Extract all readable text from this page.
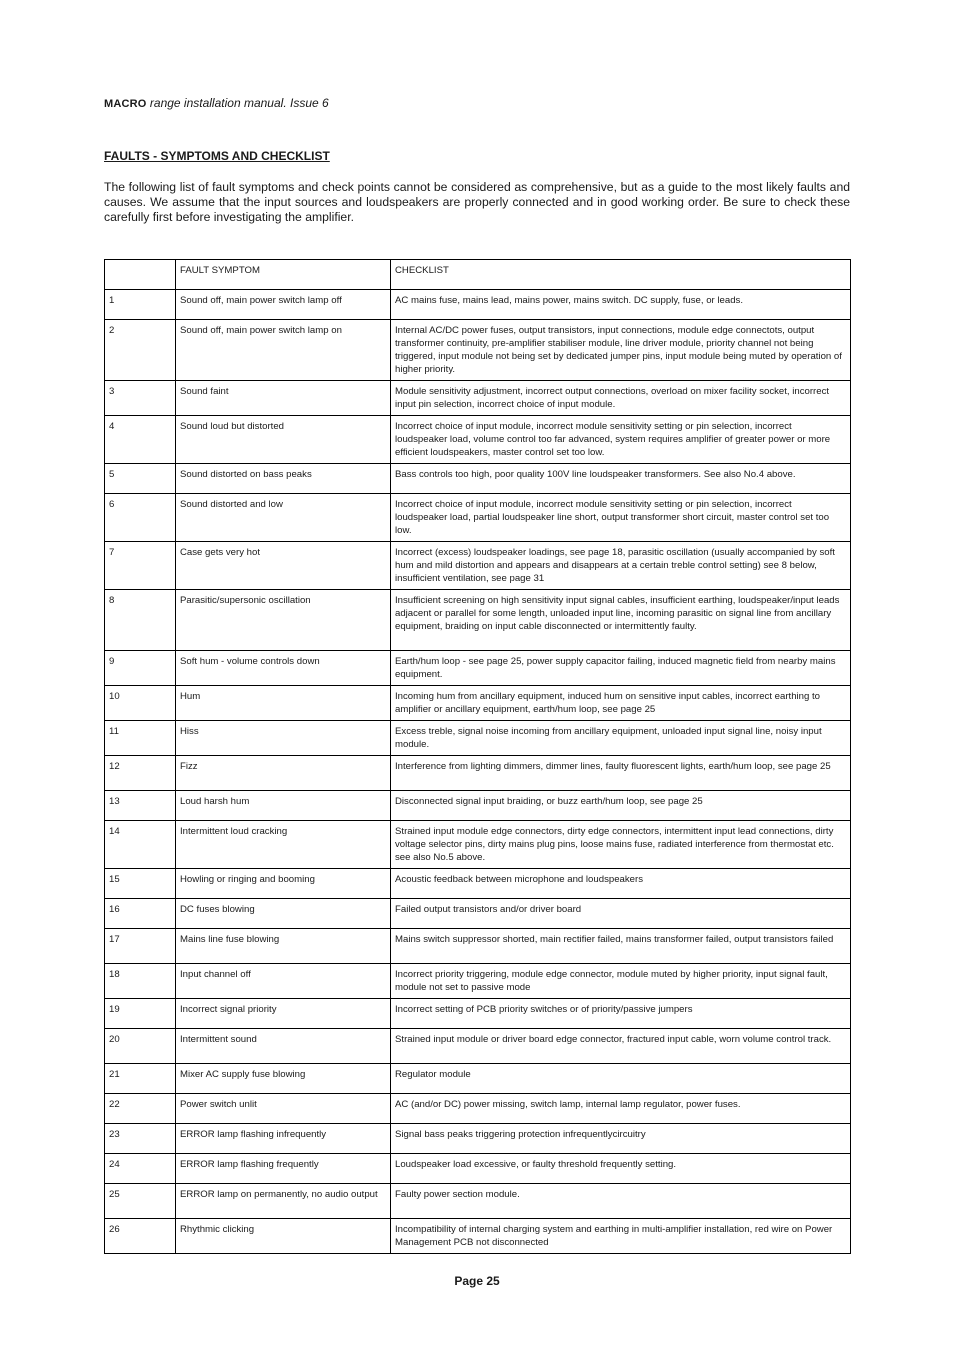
MACRO range installation manual. Issue 6
FAULTS - SYMPTOMS AND CHECKLIST
The following list of fault symptoms and check points cannot be considered as comprehensive, but as a guide to the most likely faults and causes. We assume that the input sources and loudspeakers are properly connected and in good working order. Be sure to check these carefully first before investigating the amplifier.
	FAULT SYMPTOM	CHECKLIST
1	Sound off, main power switch lamp off	AC mains fuse, mains lead, mains power, mains switch. DC supply, fuse, or leads.
2	Sound off, main power switch lamp on	Internal AC/DC power fuses, output transistors, input connections, module edge connectots, output transformer continuity, pre-amplifier stabiliser module, line driver module, priority channel not being triggered, input module not being set by dedicated jumper pins, input module being muted by operation of higher priority.
3	Sound faint	Module sensitivity adjustment, incorrect output connections, overload on mixer facility socket, incorrect input pin selection, incorrect choice of input module.
4	Sound loud but distorted	Incorrect choice of input module, incorrect module sensitivity setting or pin selection, incorrect loudspeaker load, volume control too far advanced, system requires amplifier of greater power or more efficient loudspeakers, master control set too low.
5	Sound distorted on bass peaks	Bass controls too high, poor quality 100V line loudspeaker transformers. See also No.4 above.
6	Sound distorted and low	Incorrect choice of input module, incorrect module sensitivity setting or pin selection, incorrect loudspeaker load, partial loudspeaker line short, output transformer short circuit, master control set too low.
7	Case gets very hot	Incorrect (excess) loudspeaker loadings, see page 18, parasitic oscillation (usually accompanied by soft hum and mild distortion and appears and disappears at a certain treble control setting) see 8 below, insufficient ventilation, see page 31
8	Parasitic/supersonic oscillation	Insufficient screening on high sensitivity input signal cables, insufficient earthing, loudspeaker/input leads adjacent or parallel for some length, unloaded input line, incoming parasitic on signal line from ancillary equipment, braiding on input cable disconnected or intermittently faulty.
9	Soft hum - volume controls down	Earth/hum loop - see page 25, power supply capacitor failing, induced magnetic field from nearby mains equipment.
10	Hum	Incoming hum from ancillary equipment, induced hum on sensitive input cables, incorrect earthing to amplifier or ancillary equipment, earth/hum loop, see page 25
11	Hiss	Excess treble, signal noise incoming from ancillary equipment, unloaded input signal line, noisy input module.
12	Fizz	Interference from lighting dimmers, dimmer lines, faulty fluorescent lights, earth/hum loop, see page 25
13	Loud harsh hum	Disconnected signal input braiding, or buzz earth/hum loop, see page 25
14	Intermittent loud cracking	Strained input module edge connectors, dirty edge connectors, intermittent input lead connections, dirty voltage selector pins, dirty mains plug pins, loose mains fuse, radiated interference from thermostat etc. see also No.5 above.
15	Howling or ringing and booming	Acoustic feedback between microphone and loudspeakers
16	DC fuses blowing	Failed output transistors and/or driver board
17	Mains line fuse blowing	Mains switch suppressor shorted, main rectifier failed, mains transformer failed, output transistors failed
18	Input channel off	Incorrect priority triggering, module edge connector, module muted by higher priority, input signal fault, module not set to passive mode
19	Incorrect signal priority	Incorrect setting of PCB priority switches or of priority/passive jumpers
20	Intermittent sound	Strained input module or driver board edge connector, fractured input cable, worn volume control track.
21	Mixer AC supply fuse blowing	Regulator module
22	Power switch unlit	AC (and/or DC) power missing, switch lamp, internal lamp regulator, power fuses.
23	ERROR lamp flashing infrequently	Signal bass peaks triggering protection infrequentlycircuitry
24	ERROR lamp flashing frequently	Loudspeaker load excessive, or faulty threshold frequently setting.
25	ERROR lamp on permanently, no audio output	Faulty power section module.
26	Rhythmic clicking	Incompatibility of internal charging system and earthing in multi-amplifier installation, red wire on Power Management PCB not disconnected
Page 25
